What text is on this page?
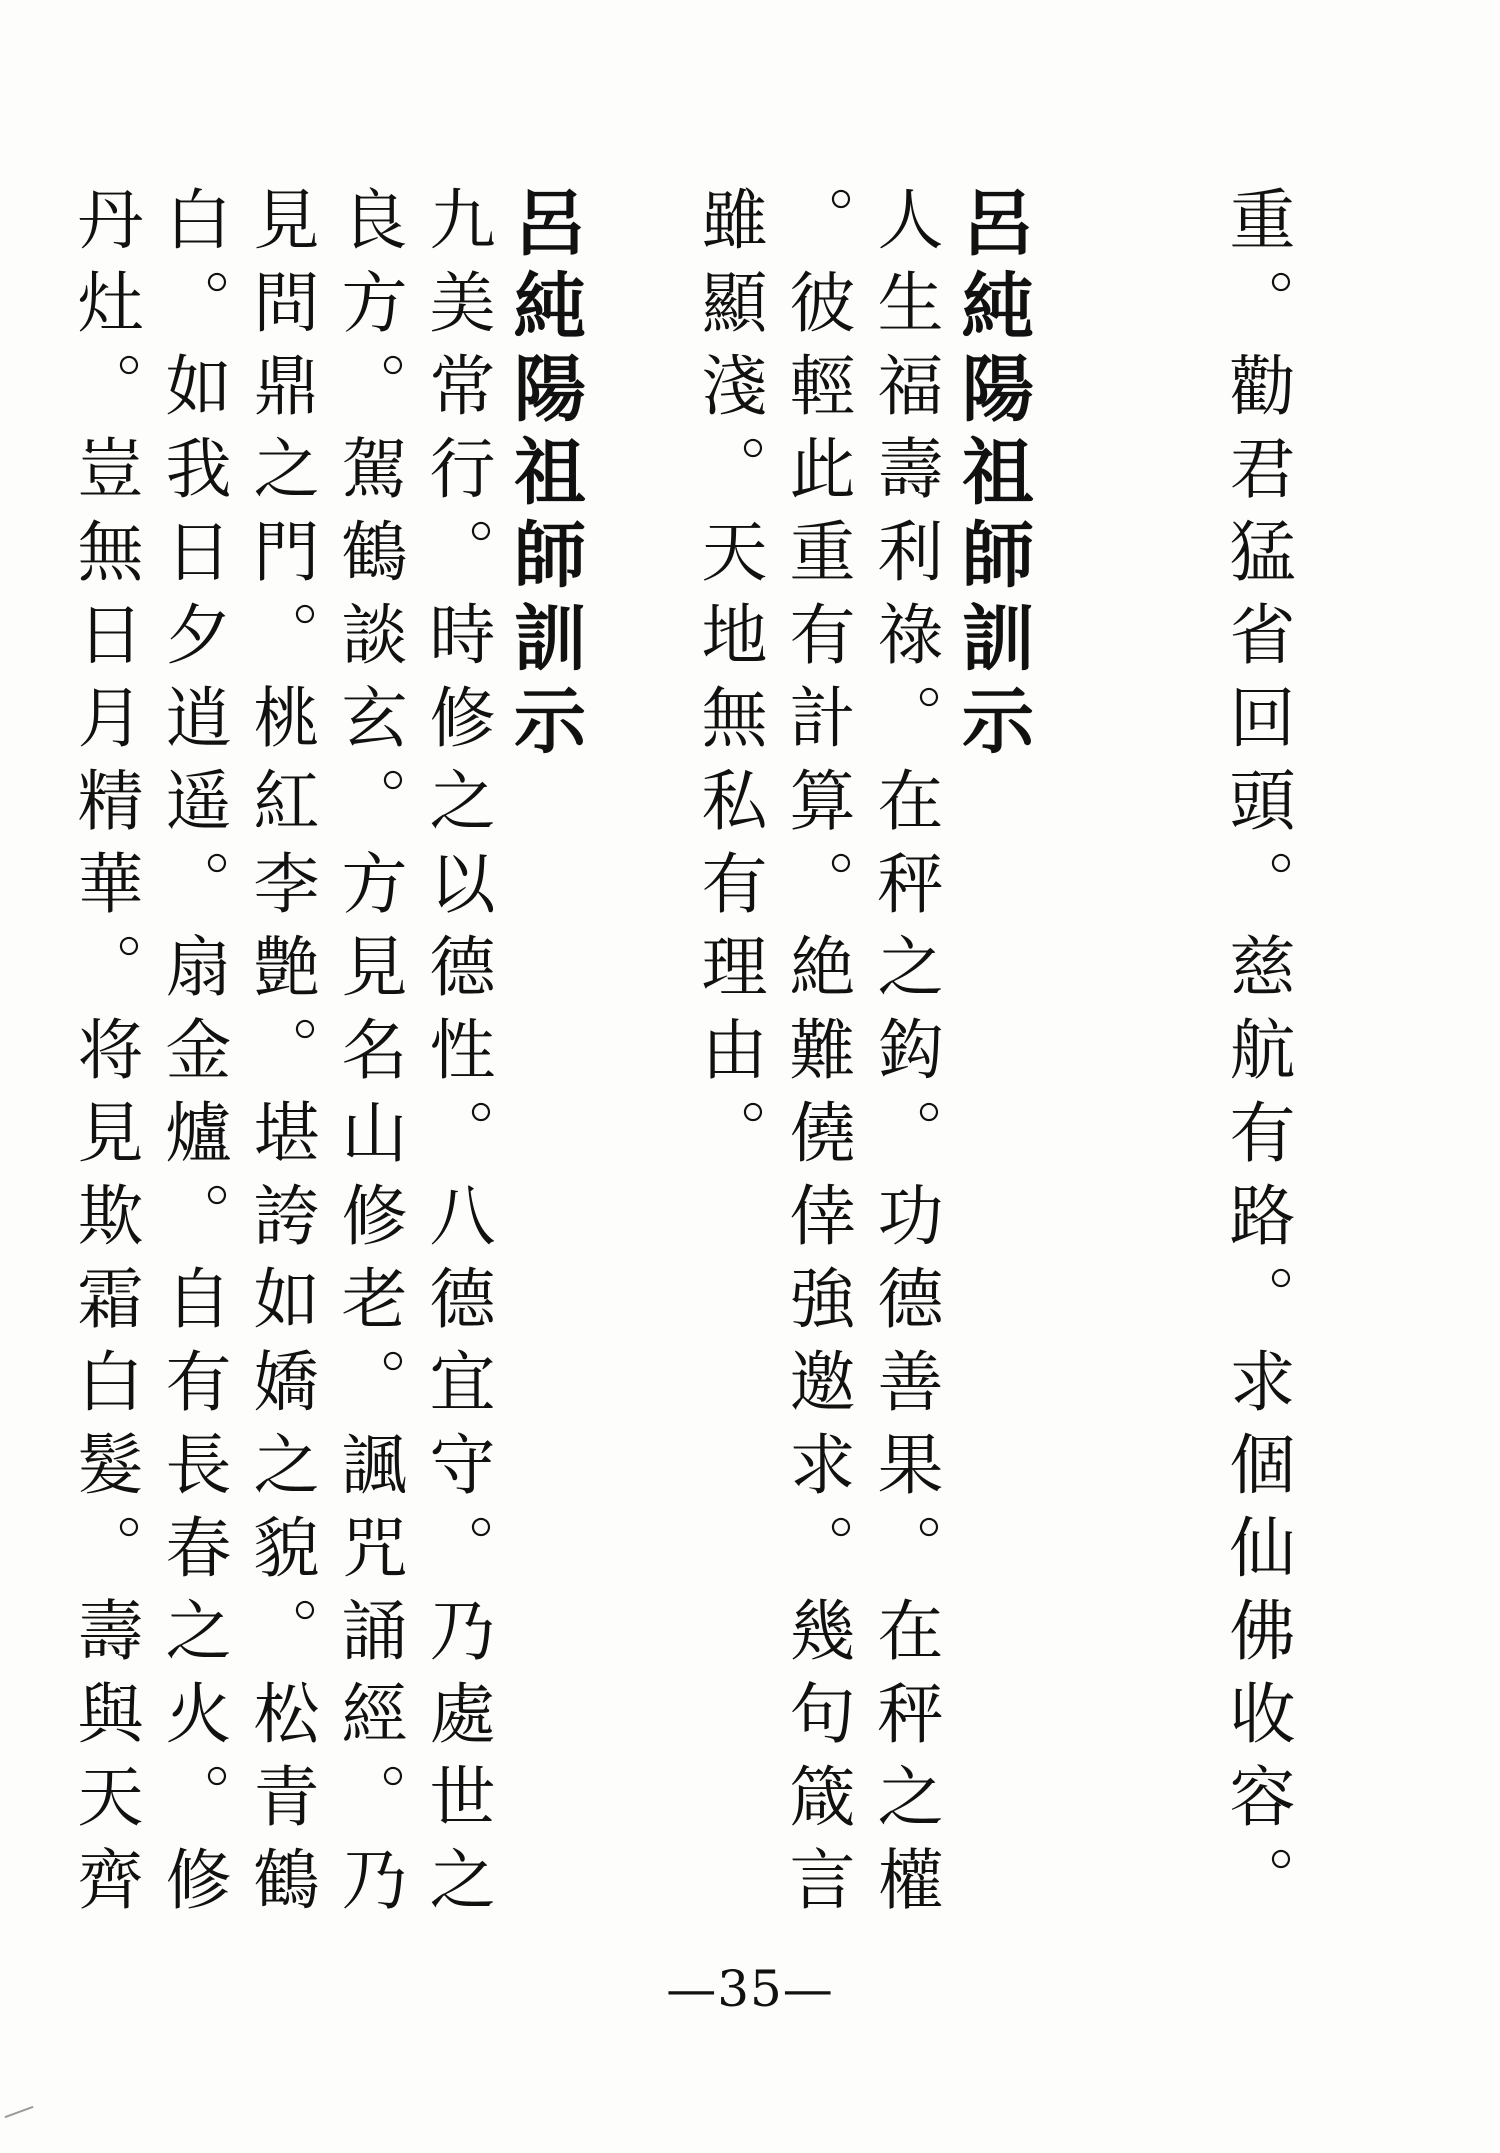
重。勸君猛省回頭。慈航有路。求個仙佛收容。
呂純陽祖師訓示
人生福壽利祿。在秤之鈎。功德善果。在秤之權
。彼輕此重有計算。絶難僥倖強邀求。幾句箴言
雖顯淺。天地無私有理由。
呂純陽祖師訓示
九美常行。時修之以德性。八德宜守。乃處世之
良方。駕鶴談玄。方見名山修老。諷咒誦經。乃
見問鼎之門。桃紅李艶。堪誇如嬌之貌。松青鶴
白。如我日夕逍遥。扇金爐。自有長春之火。修
丹灶。豈無日月精華。将見欺霜白髮。壽與天齊
—35—
